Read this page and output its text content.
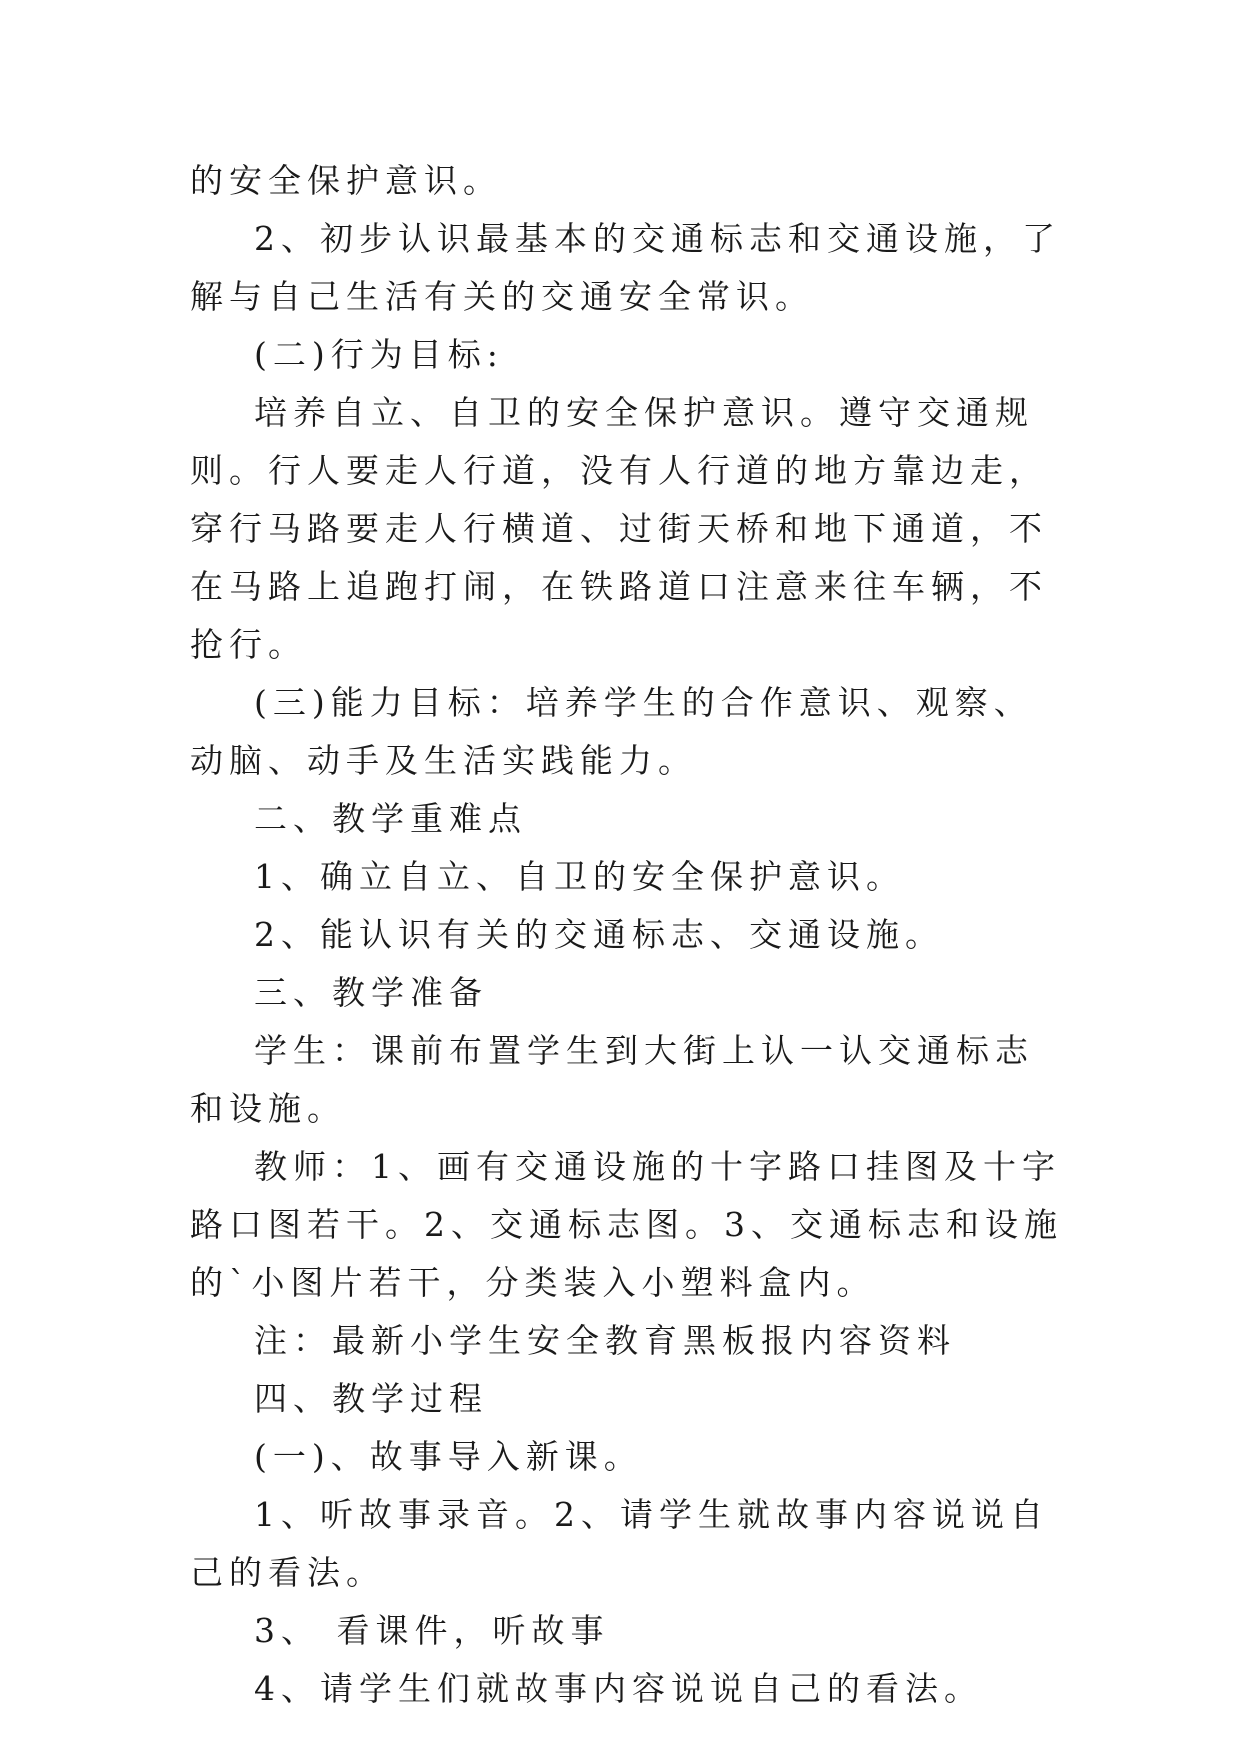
的安全保护意识。

2、初步认识最基本的交通标志和交通设施，了解与自己生活有关的交通安全常识。

(二)行为目标:

培养自立、自卫的安全保护意识。遵守交通规则。行人要走人行道，没有人行道的地方靠边走，穿行马路要走人行横道、过街天桥和地下通道，不在马路上追跑打闹，在铁路道口注意来往车辆，不抢行。

(三)能力目标：培养学生的合作意识、观察、动脑、动手及生活实践能力。

二、教学重难点

1、确立自立、自卫的安全保护意识。

2、能认识有关的交通标志、交通设施。

三、教学准备

学生：课前布置学生到大街上认一认交通标志和设施。

教师：1、画有交通设施的十字路口挂图及十字路口图若干。2、交通标志图。3、交通标志和设施的`小图片若干，分类装入小塑料盒内。

注：最新小学生安全教育黑板报内容资料

四、教学过程

(一)、故事导入新课。

1、听故事录音。2、请学生就故事内容说说自己的看法。

3、 看课件，听故事

4、请学生们就故事内容说说自己的看法。
